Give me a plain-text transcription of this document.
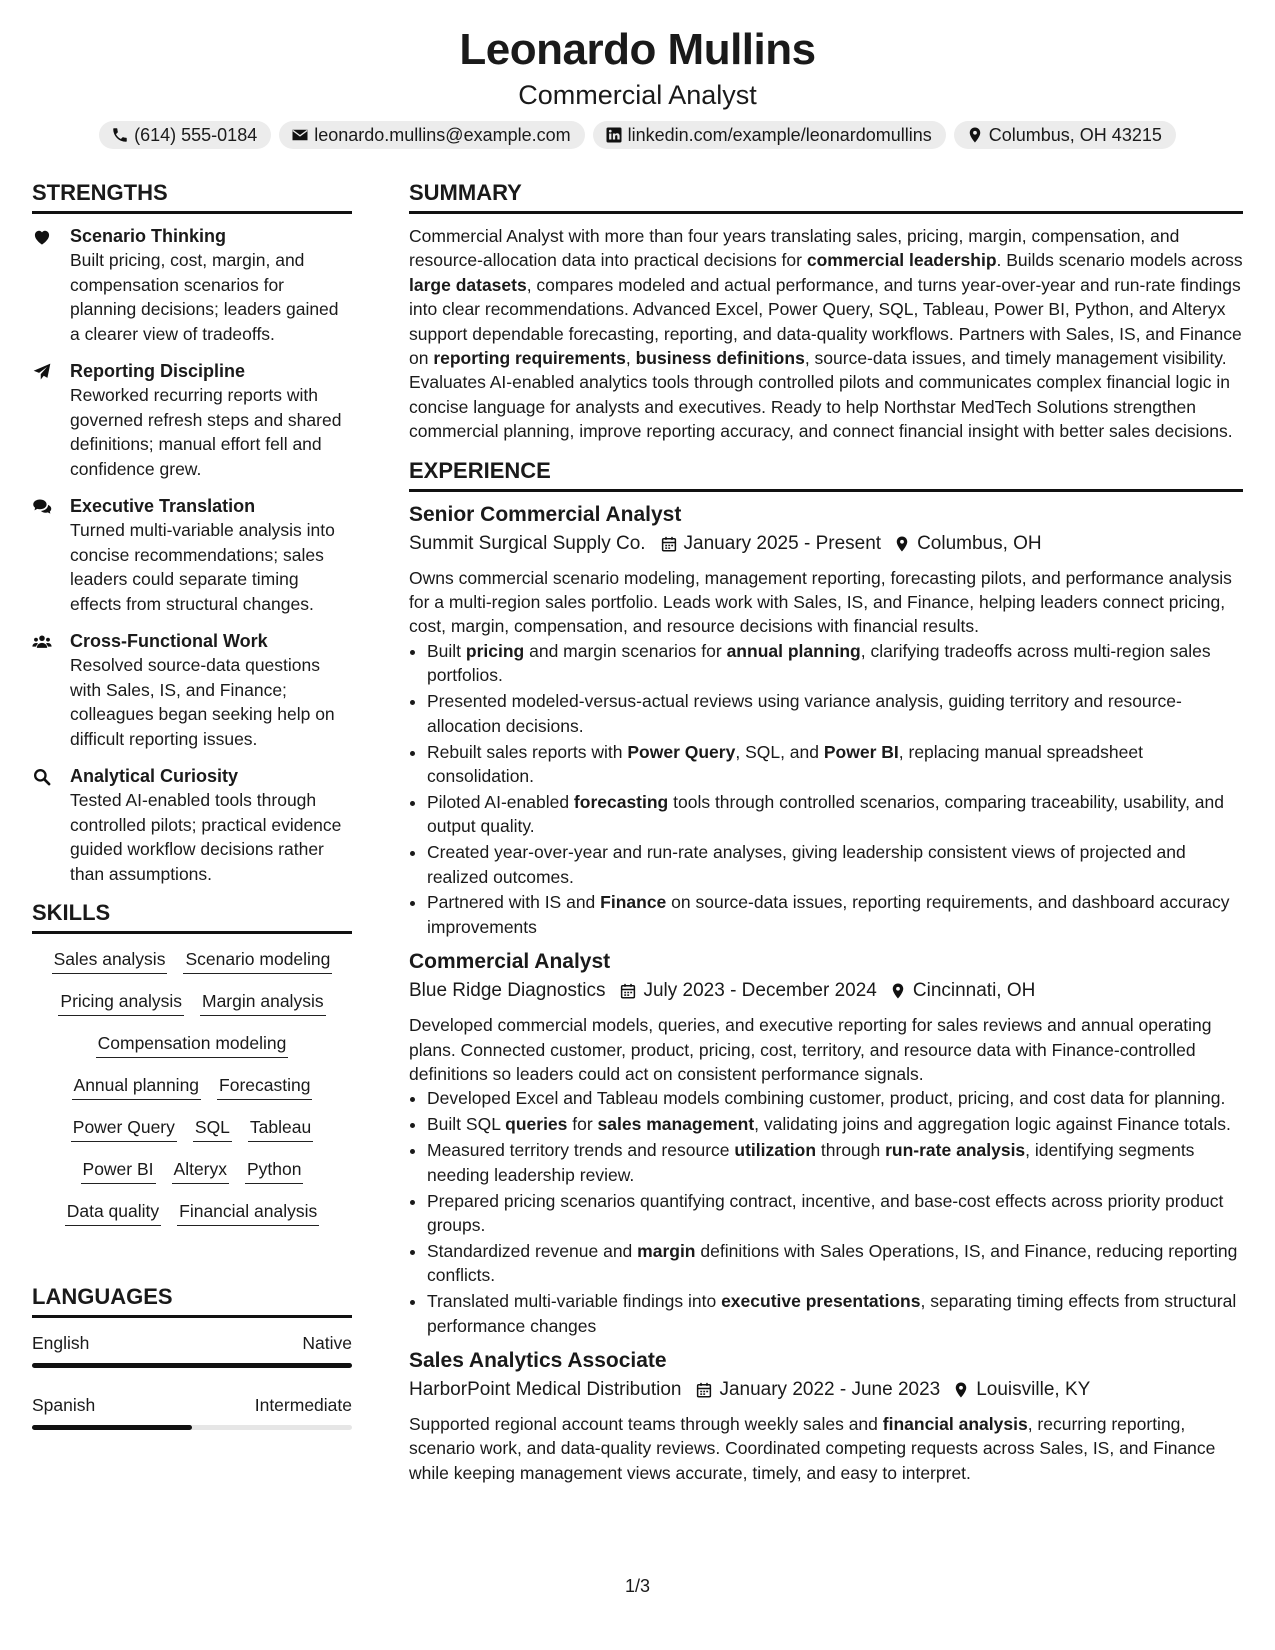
Leonardo Mullins
Commercial Analyst
(614) 555-0184	leonardo.mullins@example.com	linkedin.com/example/leonardomullins	Columbus, OH 43215
STRENGTHS
Scenario Thinking
Built pricing, cost, margin, and compensation scenarios for planning decisions; leaders gained a clearer view of tradeoffs.
Reporting Discipline
Reworked recurring reports with governed refresh steps and shared definitions; manual effort fell and confidence grew.
Executive Translation
Turned multi-variable analysis into concise recommendations; sales leaders could separate timing effects from structural changes.
Cross-Functional Work
Resolved source-data questions with Sales, IS, and Finance; colleagues began seeking help on difficult reporting issues.
Analytical Curiosity
Tested AI-enabled tools through controlled pilots; practical evidence guided workflow decisions rather than assumptions.
SKILLS
Sales analysis Scenario modeling
Pricing analysis Margin analysis
Compensation modeling
Annual planning Forecasting
Power Query SQL Tableau
Power BI Alteryx Python
Data quality Financial analysis
LANGUAGES
English	Native
Spanish	Intermediate
SUMMARY
Commercial Analyst with more than four years translating sales, pricing, margin, compensation, and resource-allocation data into practical decisions for commercial leadership. Builds scenario models across large datasets, compares modeled and actual performance, and turns year-over-year and run-rate findings into clear recommendations. Advanced Excel, Power Query, SQL, Tableau, Power BI, Python, and Alteryx support dependable forecasting, reporting, and data-quality workflows. Partners with Sales, IS, and Finance on reporting requirements, business definitions, source-data issues, and timely management visibility. Evaluates AI-enabled analytics tools through controlled pilots and communicates complex financial logic in concise language for analysts and executives. Ready to help Northstar MedTech Solutions strengthen commercial planning, improve reporting accuracy, and connect financial insight with better sales decisions.
EXPERIENCE
Senior Commercial Analyst
Summit Surgical Supply Co. January 2025 - Present Columbus, OH
Owns commercial scenario modeling, management reporting, forecasting pilots, and performance analysis for a multi-region sales portfolio. Leads work with Sales, IS, and Finance, helping leaders connect pricing, cost, margin, compensation, and resource decisions with financial results.
• Built pricing and margin scenarios for annual planning, clarifying tradeoffs across multi-region sales portfolios.
• Presented modeled-versus-actual reviews using variance analysis, guiding territory and resource-allocation decisions.
• Rebuilt sales reports with Power Query, SQL, and Power BI, replacing manual spreadsheet consolidation.
• Piloted AI-enabled forecasting tools through controlled scenarios, comparing traceability, usability, and output quality.
• Created year-over-year and run-rate analyses, giving leadership consistent views of projected and realized outcomes.
• Partnered with IS and Finance on source-data issues, reporting requirements, and dashboard accuracy improvements
Commercial Analyst
Blue Ridge Diagnostics July 2023 - December 2024 Cincinnati, OH
Developed commercial models, queries, and executive reporting for sales reviews and annual operating plans. Connected customer, product, pricing, cost, territory, and resource data with Finance-controlled definitions so leaders could act on consistent performance signals.
• Developed Excel and Tableau models combining customer, product, pricing, and cost data for planning.
• Built SQL queries for sales management, validating joins and aggregation logic against Finance totals.
• Measured territory trends and resource utilization through run-rate analysis, identifying segments needing leadership review.
• Prepared pricing scenarios quantifying contract, incentive, and base-cost effects across priority product groups.
• Standardized revenue and margin definitions with Sales Operations, IS, and Finance, reducing reporting conflicts.
• Translated multi-variable findings into executive presentations, separating timing effects from structural performance changes
Sales Analytics Associate
HarborPoint Medical Distribution January 2022 - June 2023 Louisville, KY
Supported regional account teams through weekly sales and financial analysis, recurring reporting, scenario work, and data-quality reviews. Coordinated competing requests across Sales, IS, and Finance while keeping management views accurate, timely, and easy to interpret.
1/3
